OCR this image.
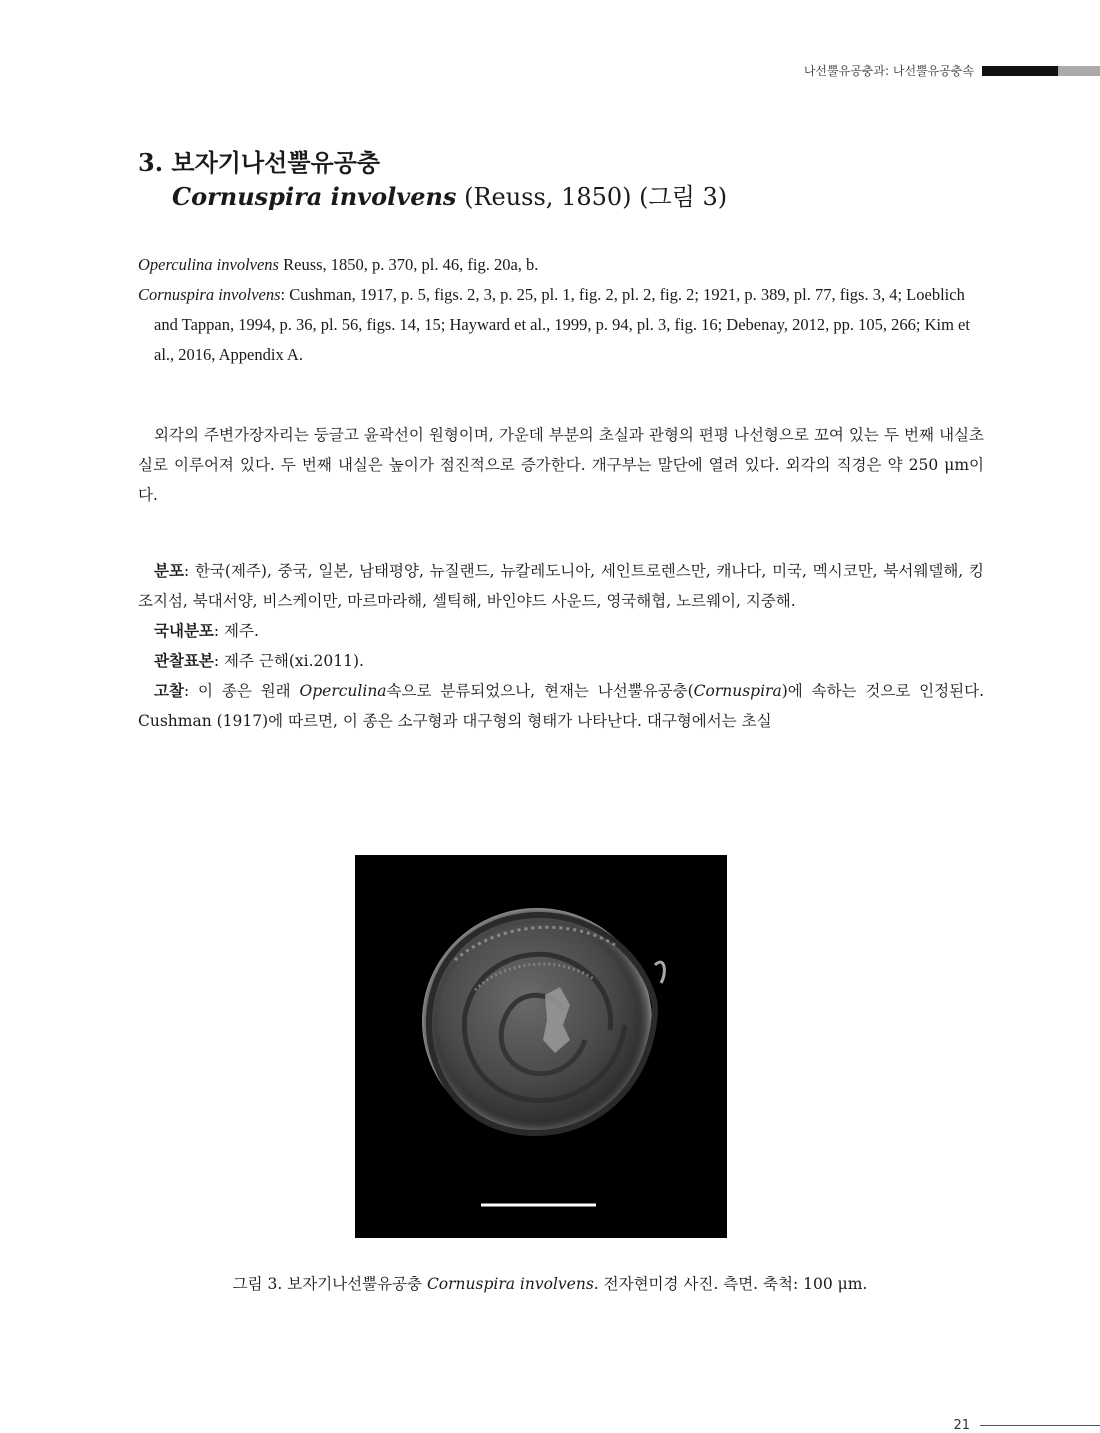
나선뿔유공충과: 나선뿔유공충속
3. 보자기나선뿔유공충
Cornuspira involvens (Reuss, 1850) (그림 3)

Operculina involvens Reuss, 1850, p. 370, pl. 46, fig. 20a, b.

Cornuspira involvens: Cushman, 1917, p. 5, figs. 2, 3, p. 25, pl. 1, fig. 2, pl. 2, fig. 2; 1921, p. 389, pl. 77, figs. 3, 4; Loeblich and Tappan, 1994, p. 36, pl. 56, figs. 14, 15; Hayward et al., 1999, p. 94, pl. 3, fig. 16; Debenay, 2012, pp. 105, 266; Kim et al., 2016, Appendix A.

외각의 주변가장자리는 둥글고 윤곽선이 원형이며, 가운데 부분의 초실과 관형의 편평 나선형으로 꼬여 있는 두 번째 내실초실로 이루어져 있다. 두 번째 내실은 높이가 점진적으로 증가한다. 개구부는 말단에 열려 있다. 외각의 직경은 약 250 μm이다.

분포: 한국(제주), 중국, 일본, 남태평양, 뉴질랜드, 뉴칼레도니아, 세인트로렌스만, 캐나다, 미국, 멕시코만, 북서웨델해, 킹조지섬, 북대서양, 비스케이만, 마르마라해, 셀틱해, 바인야드 사운드, 영국해협, 노르웨이, 지중해.

국내분포: 제주.

관찰표본: 제주 근해(xi.2011).

고찰: 이 종은 원래 Operculina속으로 분류되었으나, 현재는 나선뿔유공충(Cornuspira)에 속하는 것으로 인정된다. Cushman (1917)에 따르면, 이 종은 소구형과 대구형의 형태가 나타난다. 대구형에서는 초실

그림 3. 보자기나선뿔유공충 Cornuspira involvens. 전자현미경 사진. 측면. 축척: 100 μm.
21
